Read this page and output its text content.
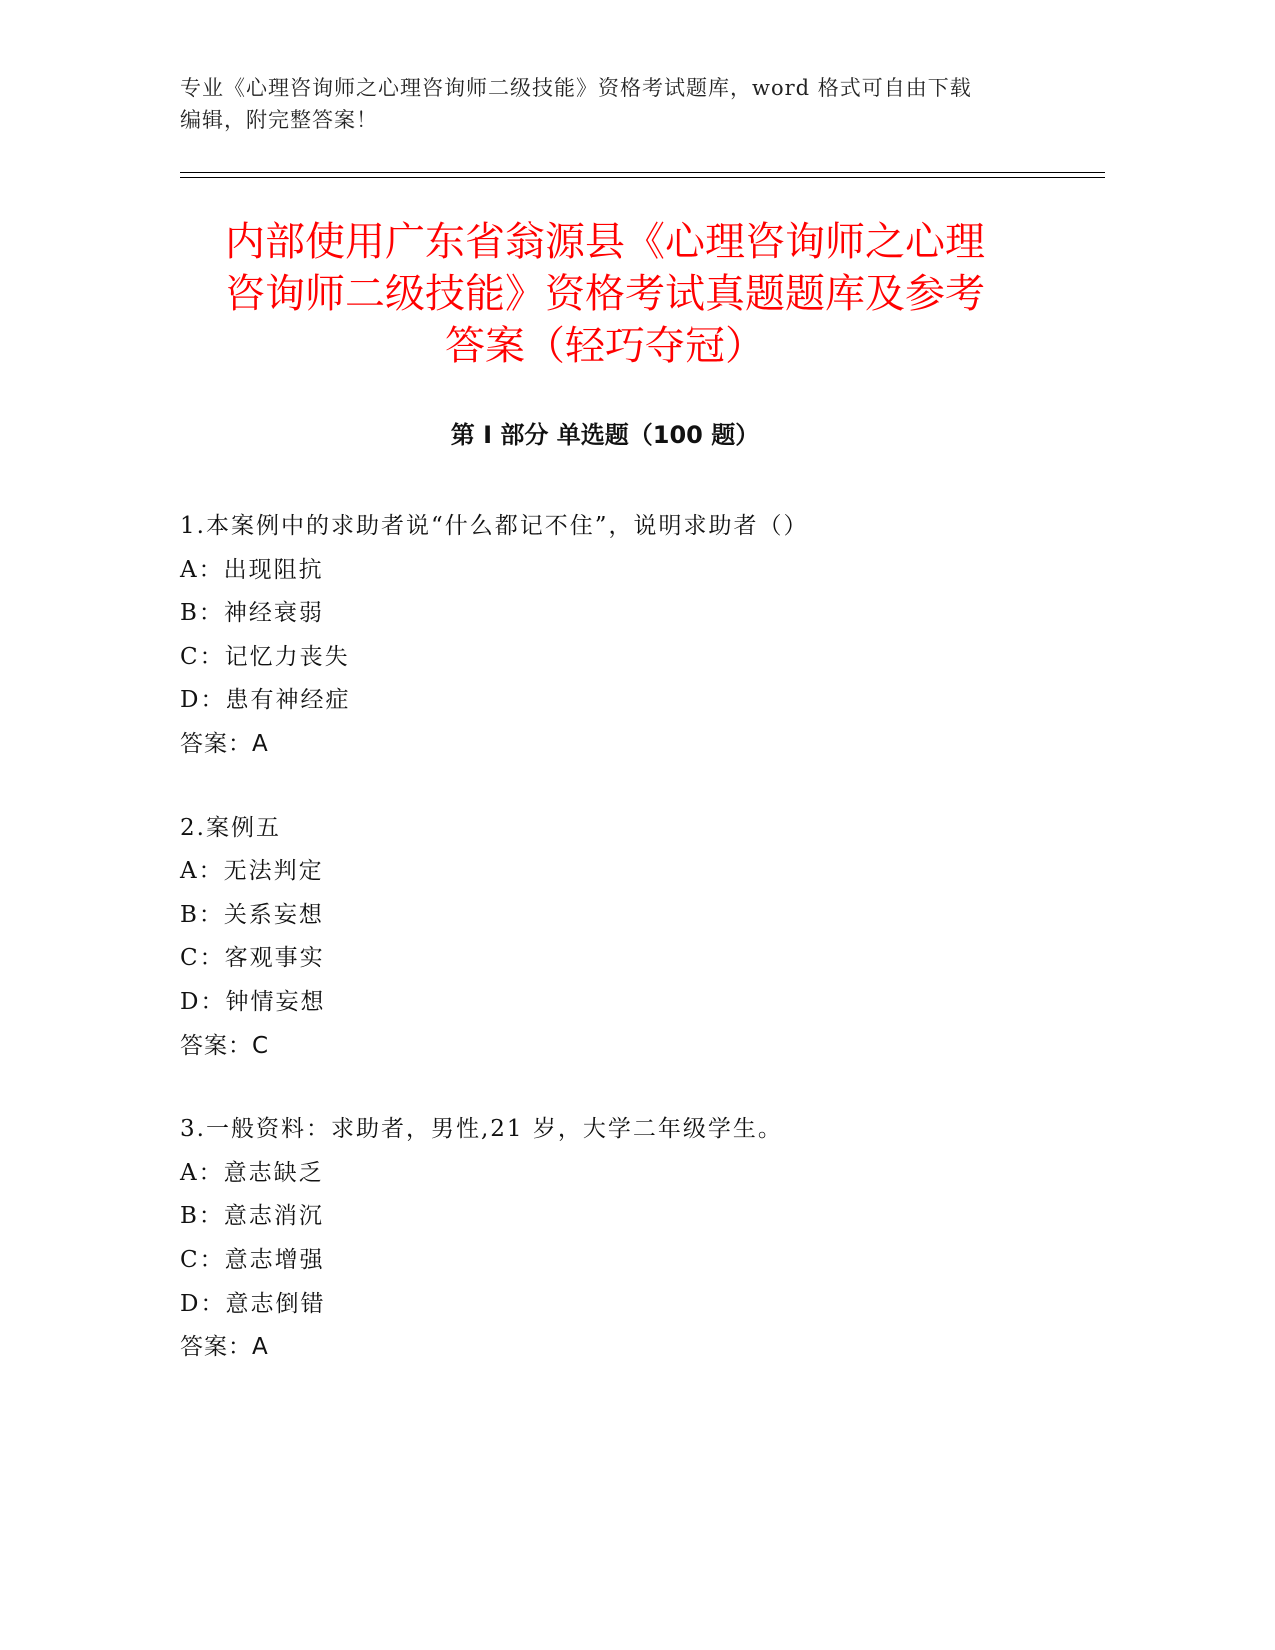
专业《心理咨询师之心理咨询师二级技能》资格考试题库，word 格式可自由下载
编辑，附完整答案！
内部使用广东省翁源县《心理咨询师之心理
咨询师二级技能》资格考试真题题库及参考
答案（轻巧夺冠）
第 I 部分 单选题（100 题）
1.本案例中的求助者说“什么都记不住”，说明求助者（）
A：出现阻抗
B：神经衰弱
C：记忆力丧失
D：患有神经症
答案：A
2.案例五
A：无法判定
B：关系妄想
C：客观事实
D：钟情妄想
答案：C
3.一般资料：求助者，男性,21 岁，大学二年级学生。
A：意志缺乏
B：意志消沉
C：意志增强
D：意志倒错
答案：A
